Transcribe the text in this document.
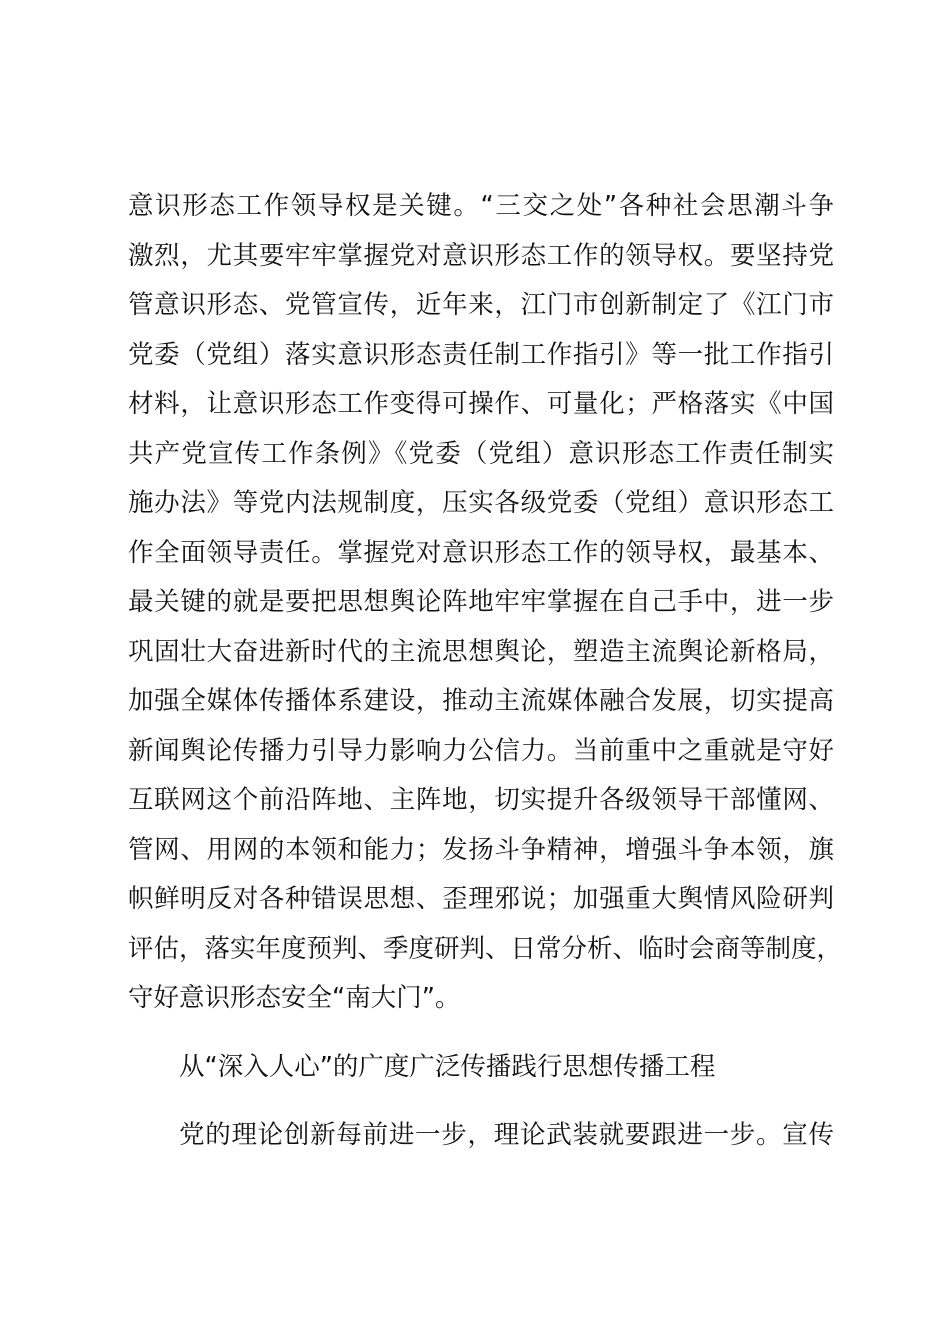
意识形态工作领导权是关键。“三交之处”各种社会思潮斗争
激烈，尤其要牢牢掌握党对意识形态工作的领导权。要坚持党
管意识形态、党管宣传，近年来，江门市创新制定了《江门市
党委（党组）落实意识形态责任制工作指引》等一批工作指引
材料，让意识形态工作变得可操作、可量化；严格落实《中国
共产党宣传工作条例》《党委（党组）意识形态工作责任制实
施办法》等党内法规制度，压实各级党委（党组）意识形态工
作全面领导责任。掌握党对意识形态工作的领导权，最基本、
最关键的就是要把思想舆论阵地牢牢掌握在自己手中，进一步
巩固壮大奋进新时代的主流思想舆论，塑造主流舆论新格局，
加强全媒体传播体系建设，推动主流媒体融合发展，切实提高
新闻舆论传播力引导力影响力公信力。当前重中之重就是守好
互联网这个前沿阵地、主阵地，切实提升各级领导干部懂网、
管网、用网的本领和能力；发扬斗争精神，增强斗争本领，旗
帜鲜明反对各种错误思想、歪理邪说；加强重大舆情风险研判
评估，落实年度预判、季度研判、日常分析、临时会商等制度，
守好意识形态安全“南大门”。
从“深入人心”的广度广泛传播践行思想传播工程
党的理论创新每前进一步，理论武装就要跟进一步。宣传
